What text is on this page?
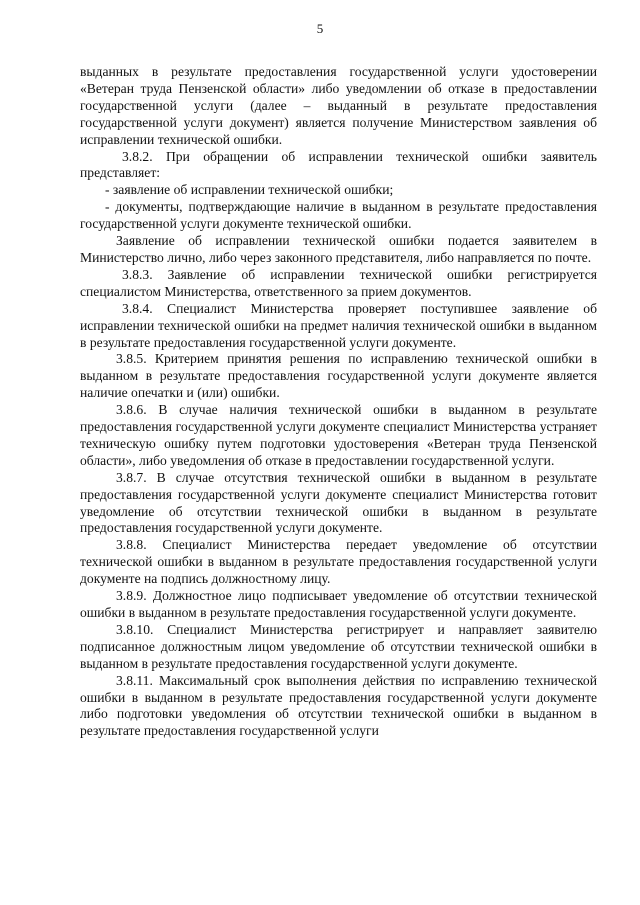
5

выданных в результате предоставления государственной услуги удостоверении «Ветеран труда Пензенской области» либо уведомлении об отказе в предоставлении государственной услуги (далее – выданный в результате предоставления государственной услуги документ) является получение Министерством заявления об исправлении технической ошибки.

3.8.2. При обращении об исправлении технической ошибки заявитель представляет:

- заявление об исправлении технической ошибки;

- документы, подтверждающие наличие в выданном в результате предоставления государственной услуги документе технической ошибки.

Заявление об исправлении технической ошибки подается заявителем в Министерство лично, либо через законного представителя, либо направляется по почте.

3.8.3. Заявление об исправлении технической ошибки регистрируется специалистом Министерства, ответственного за прием документов.

3.8.4. Специалист Министерства проверяет поступившее заявление об исправлении технической ошибки на предмет наличия технической ошибки в выданном в результате предоставления государственной услуги документе.

3.8.5. Критерием принятия решения по исправлению технической ошибки в выданном в результате предоставления государственной услуги документе является наличие опечатки и (или) ошибки.

3.8.6. В случае наличия технической ошибки в выданном в результате предоставления государственной услуги документе специалист Министерства устраняет техническую ошибку путем подготовки удостоверения «Ветеран труда Пензенской области», либо уведомления об отказе в предоставлении государственной услуги.

3.8.7. В случае отсутствия технической ошибки в выданном в результате предоставления государственной услуги документе специалист Министерства готовит уведомление об отсутствии технической ошибки в выданном в результате предоставления государственной услуги документе.

3.8.8. Специалист Министерства передает уведомление об отсутствии технической ошибки в выданном в результате предоставления государственной услуги документе на подпись должностному лицу.

3.8.9. Должностное лицо подписывает уведомление об отсутствии технической ошибки в выданном в результате предоставления государственной услуги документе.

3.8.10. Специалист Министерства регистрирует и направляет заявителю подписанное должностным лицом уведомление об отсутствии технической ошибки в выданном в результате предоставления государственной услуги документе.

3.8.11. Максимальный срок выполнения действия по исправлению технической ошибки в выданном в результате предоставления государственной услуги документе либо подготовки уведомления об отсутствии технической ошибки в выданном в результате предоставления государственной услуги
